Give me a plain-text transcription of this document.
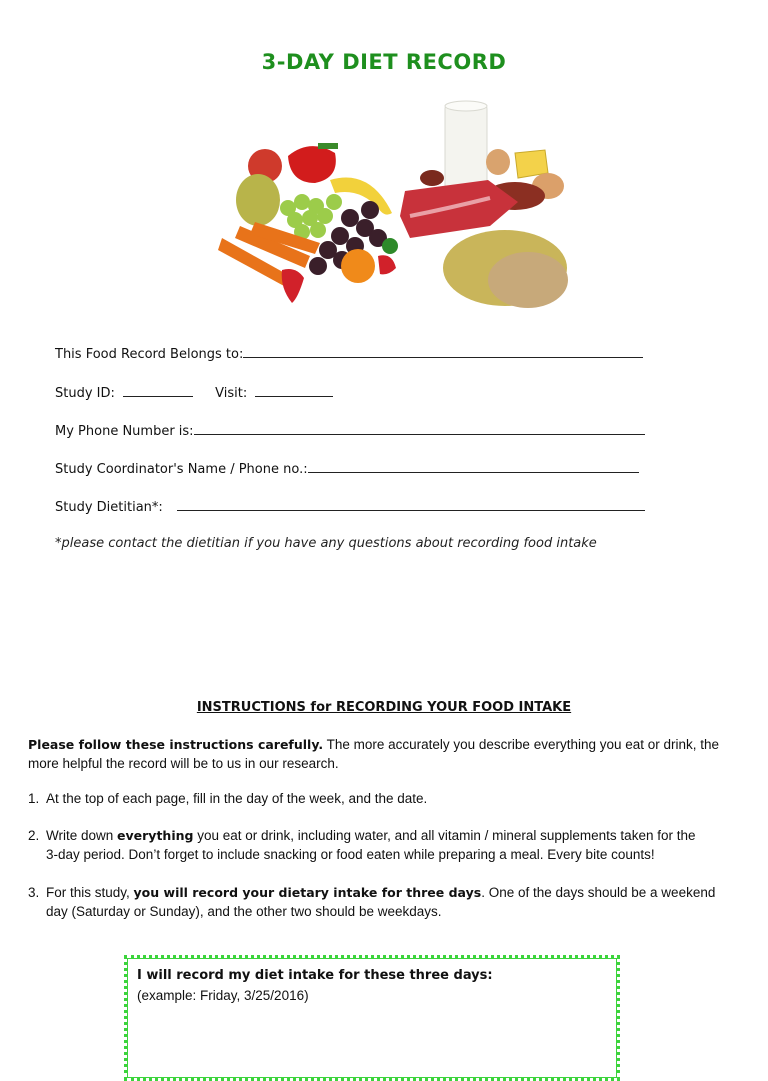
3-DAY DIET RECORD
This Food Record Belongs to:
Study ID:	Visit:
My Phone Number is:
Study Coordinator's Name / Phone no.:
Study Dietitian*:
*please contact the dietitian if you have any questions about recording food intake
INSTRUCTIONS for RECORDING YOUR FOOD INTAKE
Please follow these instructions carefully. The more accurately you describe everything you eat or drink, the more helpful the record will be to us in our research.
1. At the top of each page, fill in the day of the week, and the date.
2. Write down everything you eat or drink, including water, and all vitamin / mineral supplements taken for the
3-day period. Don’t forget to include snacking or food eaten while preparing a meal. Every bite counts!
3. For this study, you will record your dietary intake for three days. One of the days should be a weekend
day (Saturday or Sunday), and the other two should be weekdays.
I will record my diet intake for these three days:
(example: Friday, 3/25/2016)
